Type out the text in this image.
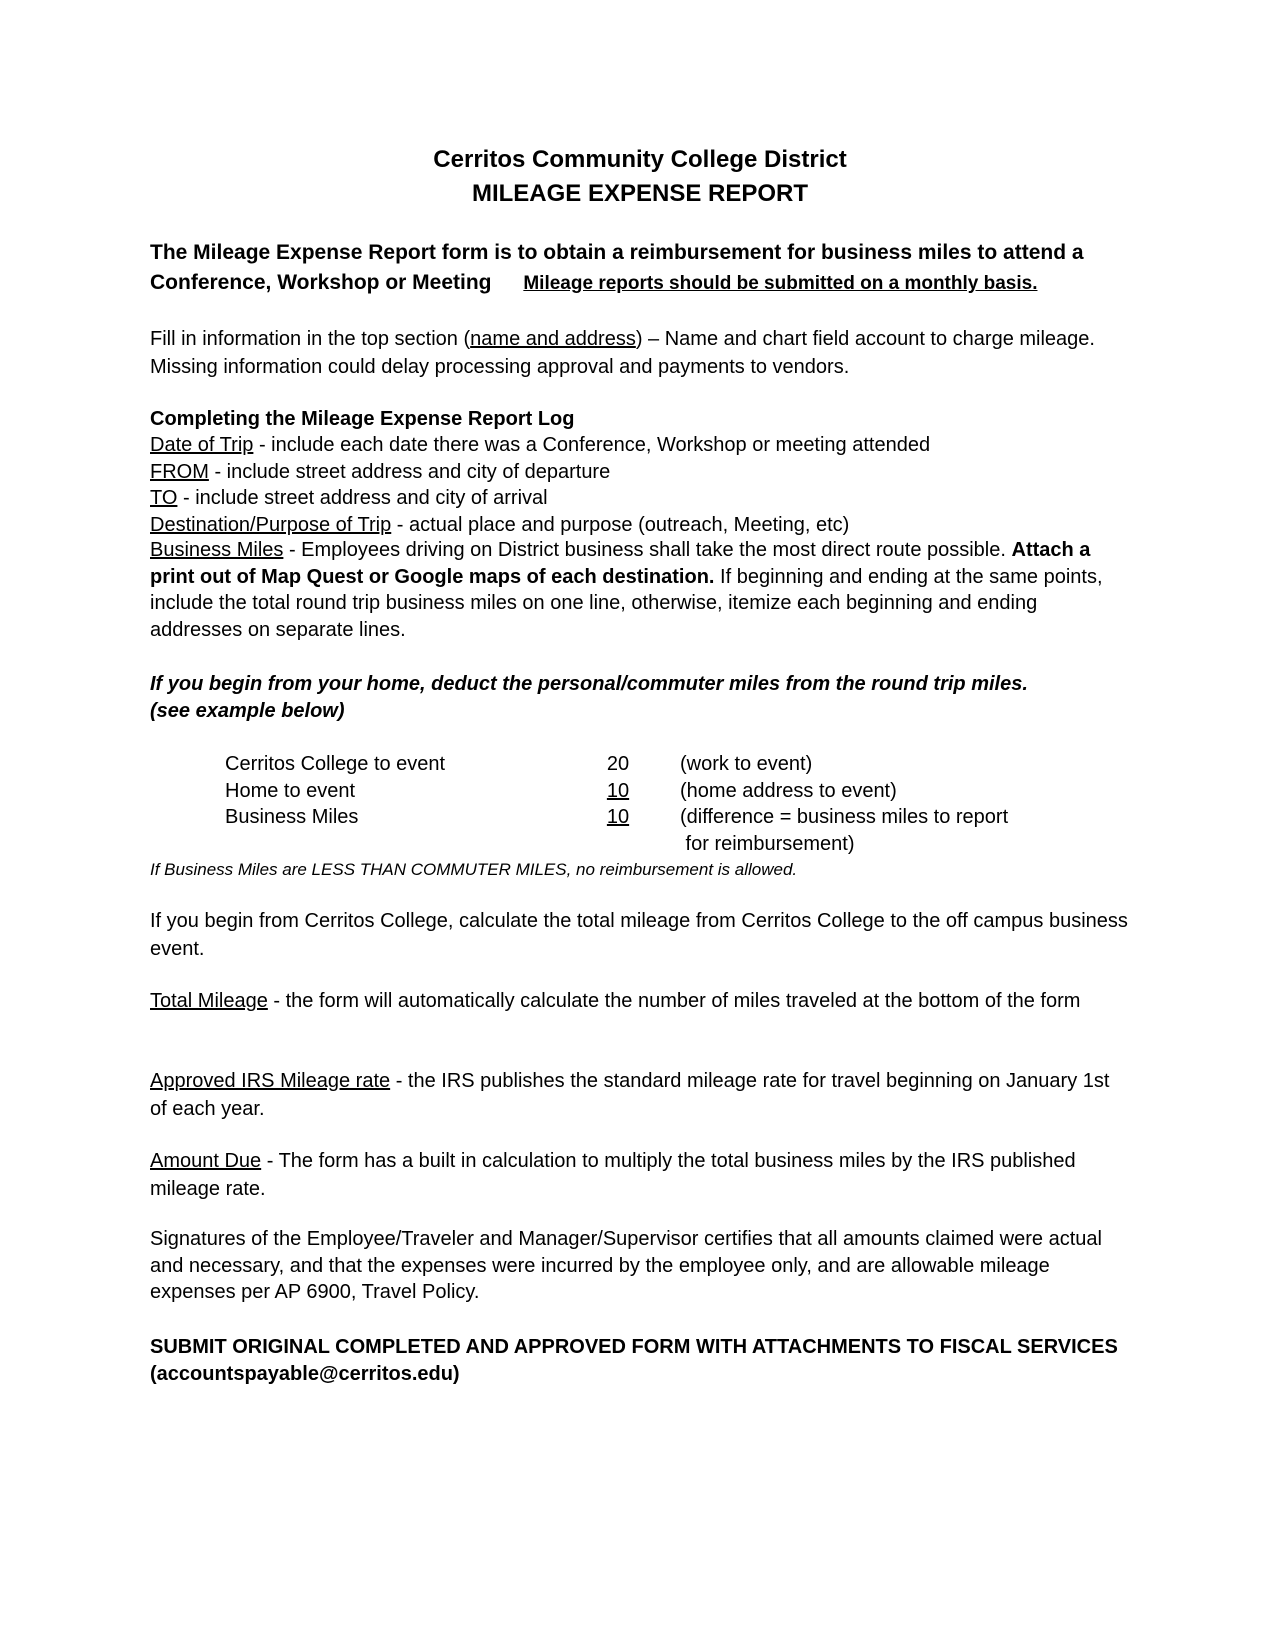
Cerritos Community College District
MILEAGE EXPENSE REPORT
The Mileage Expense Report form is to obtain a reimbursement for business miles to attend a Conference, Workshop or Meeting Mileage reports should be submitted on a monthly basis.
Fill in information in the top section (name and address) – Name and chart field account to charge mileage. Missing information could delay processing approval and payments to vendors.
Completing the Mileage Expense Report Log
Date of Trip - include each date there was a Conference, Workshop or meeting attended
FROM - include street address and city of departure
TO - include street address and city of arrival
Destination/Purpose of Trip - actual place and purpose (outreach, Meeting, etc)
Business Miles - Employees driving on District business shall take the most direct route possible. Attach a print out of Map Quest or Google maps of each destination. If beginning and ending at the same points, include the total round trip business miles on one line, otherwise, itemize each beginning and ending addresses on separate lines.
If you begin from your home, deduct the personal/commuter miles from the round trip miles.
(see example below)
Cerritos College to event	20	(work to event)
Home to event	10	(home address to event)
Business Miles	10	(difference = business miles to report
for reimbursement)
If Business Miles are LESS THAN COMMUTER MILES, no reimbursement is allowed.
If you begin from Cerritos College, calculate the total mileage from Cerritos College to the off campus business event.
Total Mileage - the form will automatically calculate the number of miles traveled at the bottom of the form
Approved IRS Mileage rate - the IRS publishes the standard mileage rate for travel beginning on January 1st of each year.
Amount Due - The form has a built in calculation to multiply the total business miles by the IRS published mileage rate.
Signatures of the Employee/Traveler and Manager/Supervisor certifies that all amounts claimed were actual and necessary, and that the expenses were incurred by the employee only, and are allowable mileage expenses per AP 6900, Travel Policy.
SUBMIT ORIGINAL COMPLETED AND APPROVED FORM WITH ATTACHMENTS TO FISCAL SERVICES
(accountspayable@cerritos.edu)
